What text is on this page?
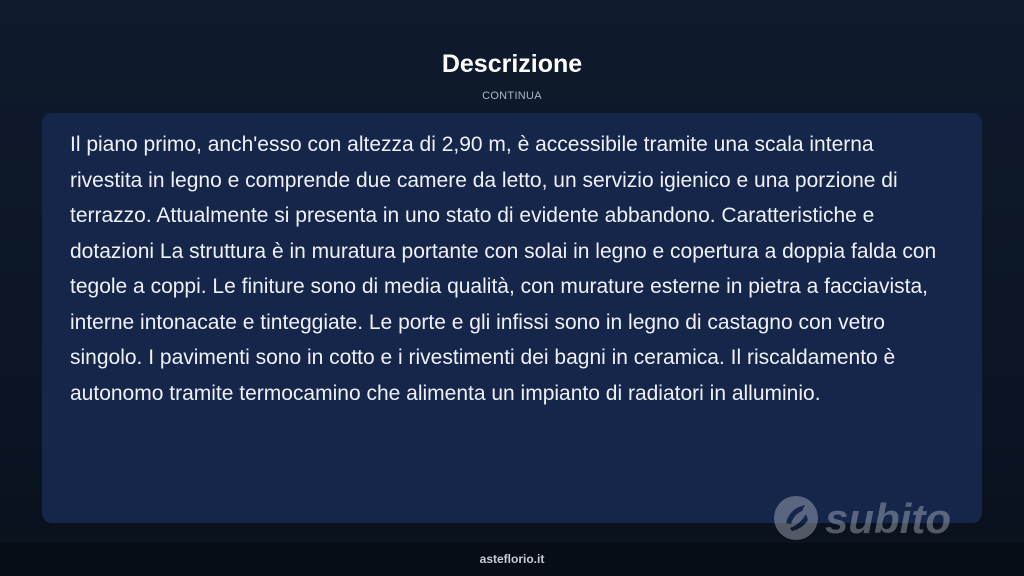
Descrizione
CONTINUA

Il piano primo, anch'esso con altezza di 2,90 m, è accessibile tramite una scala interna rivestita in legno e comprende due camere da letto, un servizio igienico e una porzione di terrazzo. Attualmente si presenta in uno stato di evidente abbandono. Caratteristiche e dotazioni La struttura è in muratura portante con solai in legno e copertura a doppia falda con tegole a coppi. Le finiture sono di media qualità, con murature esterne in pietra a facciavista, interne intonacate e tinteggiate. Le porte e gli infissi sono in legno di castagno con vetro singolo. I pavimenti sono in cotto e i rivestimenti dei bagni in ceramica. Il riscaldamento è autonomo tramite termocamino che alimenta un impianto di radiatori in alluminio.

subito
asteflorio.it
